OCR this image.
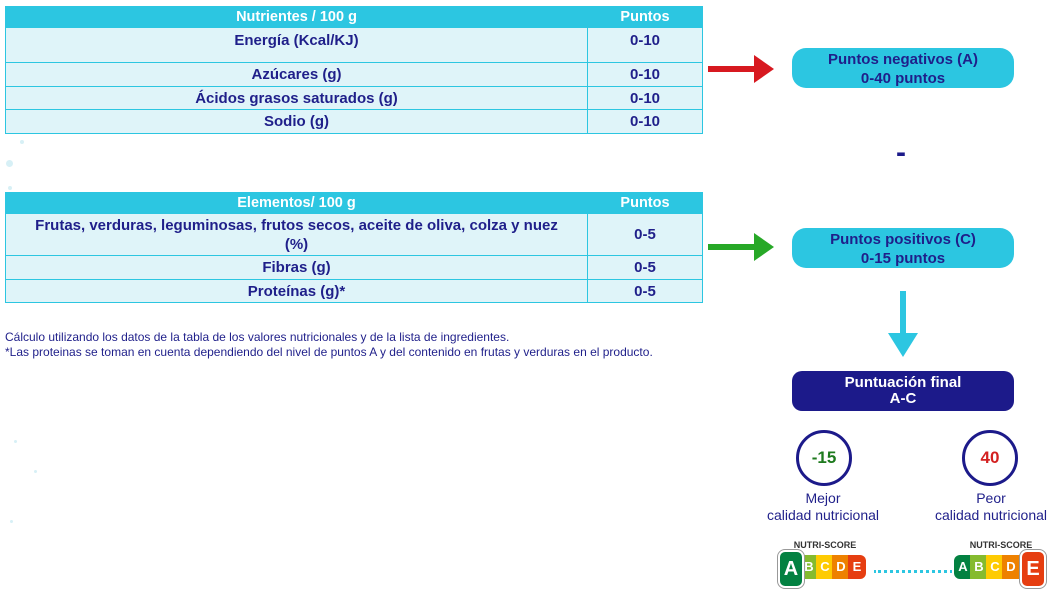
Nutrientes / 100 g	Puntos
Energía (Kcal/KJ)	0-10
Azúcares (g)	0-10
Ácidos grasos saturados (g)	0-10
Sodio (g)	0-10
Elementos/ 100 g	Puntos
Frutas, verduras, leguminosas, frutos secos, aceite de oliva, colza y nuez (%)	0-5
Fibras (g)	0-5
Proteínas (g)*	0-5
Cálculo utilizando los datos de la tabla de los valores nutricionales y de la lista de ingredientes.
*Las proteinas se toman en cuenta dependiendo del nivel de puntos A y del contenido en frutas y verduras en el producto.
Puntos negativos (A)
0-40 puntos
-
Puntos positivos (C)
0-15 puntos
Puntuación final
A-C
-15	40
Mejor
calidad nutricional
Peor
calidad nutricional
NUTRI-SCORE
A B C D E
NUTRI-SCORE
A B C D E
